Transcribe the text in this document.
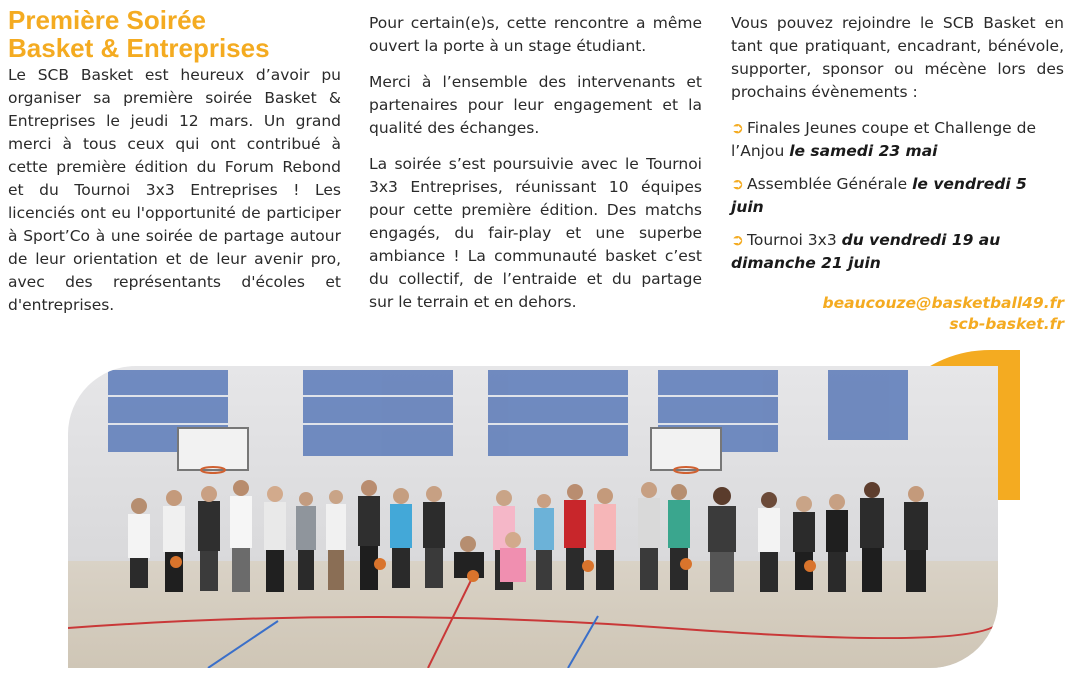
Première Soirée
Basket & Entreprises

Le SCB Basket est heureux d’avoir pu organiser sa première soirée Basket & Entreprises le jeudi 12 mars. Un grand merci à tous ceux qui ont contribué à cette première édition du Forum Rebond et du Tournoi 3x3 Entreprises ! Les licenciés ont eu l'opportunité de participer à Sport’Co à une soirée de partage autour de leur orientation et de leur avenir pro, avec des représentants d'écoles et d'entreprises.

Pour certain(e)s, cette rencontre a même ouvert la porte à un stage étudiant.

Merci à l’ensemble des intervenants et partenaires pour leur engagement et la qualité des échanges.

La soirée s’est poursuivie avec le Tournoi 3x3 Entreprises, réunissant 10 équipes pour cette première édition. Des matchs engagés, du fair-play et une superbe ambiance ! La communauté basket c’est du collectif, de l’entraide et du partage sur le terrain et en dehors.

Vous pouvez rejoindre le SCB Basket en tant que pratiquant, encadrant, bénévole, supporter, sponsor ou mécène lors des prochains évènements :

➲ Finales Jeunes coupe et Challenge de l’Anjou le samedi 23 mai
➲ Assemblée Générale le vendredi 5 juin
➲ Tournoi 3x3 du vendredi 19 au dimanche 21 juin
beaucouze@basketball49.fr
scb-basket.fr
